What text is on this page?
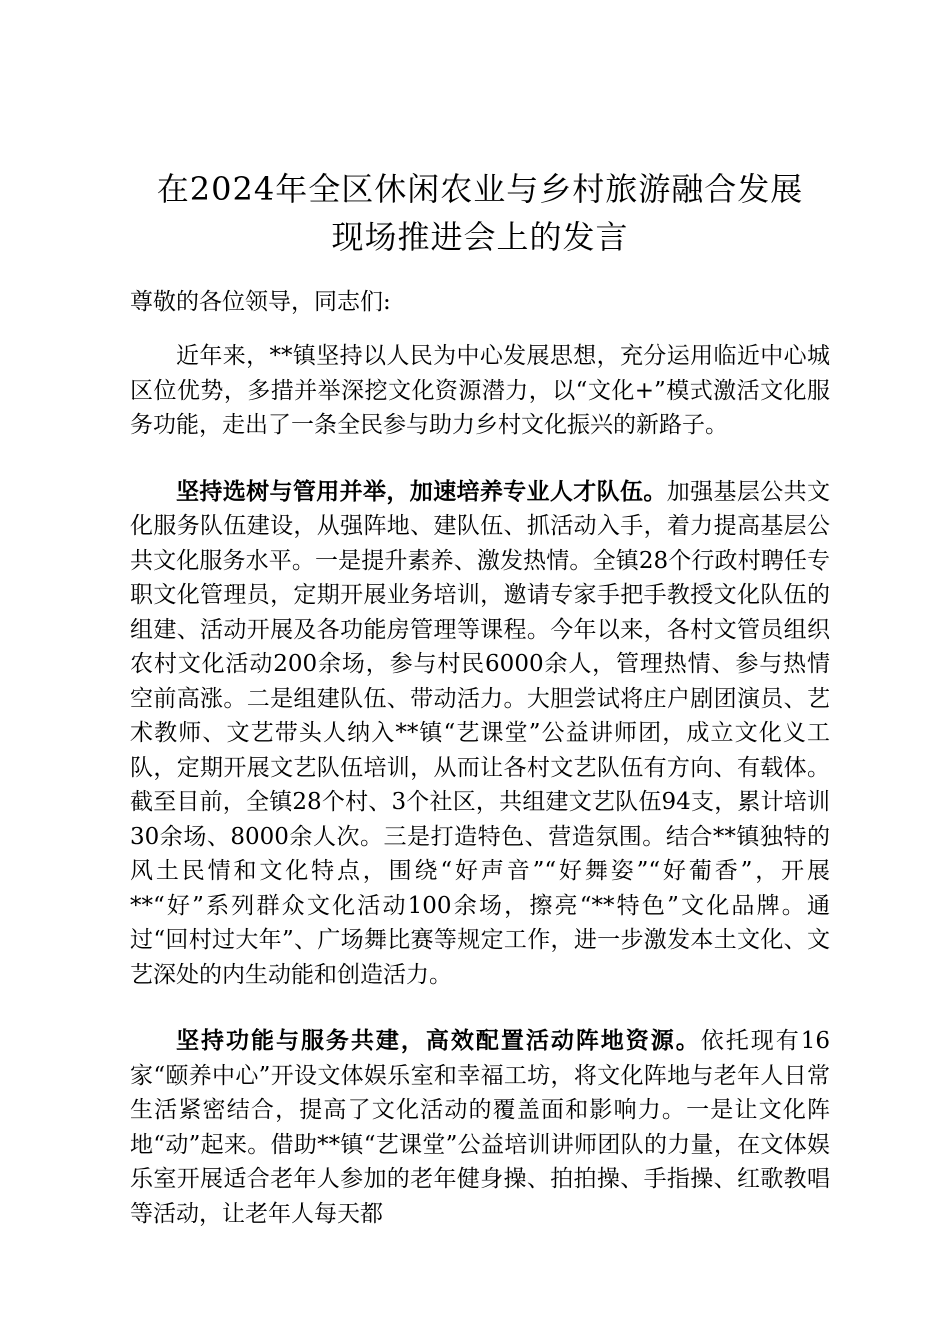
在2024年全区休闲农业与乡村旅游融合发展
现场推进会上的发言

尊敬的各位领导，同志们:

近年来，**镇坚持以人民为中心发展思想，充分运用临近中心城区位优势，多措并举深挖文化资源潜力，以“文化+”模式激活文化服务功能，走出了一条全民参与助力乡村文化振兴的新路子。

坚持选树与管用并举，加速培养专业人才队伍。加强基层公共文化服务队伍建设，从强阵地、建队伍、抓活动入手，着力提高基层公共文化服务水平。一是提升素养、激发热情。全镇28个行政村聘任专职文化管理员，定期开展业务培训，邀请专家手把手教授文化队伍的组建、活动开展及各功能房管理等课程。今年以来，各村文管员组织农村文化活动200余场，参与村民6000余人，管理热情、参与热情空前高涨。二是组建队伍、带动活力。大胆尝试将庄户剧团演员、艺术教师、文艺带头人纳入**镇“艺课堂”公益讲师团，成立文化义工队，定期开展文艺队伍培训，从而让各村文艺队伍有方向、有载体。截至目前，全镇28个村、3个社区，共组建文艺队伍94支，累计培训30余场、8000余人次。三是打造特色、营造氛围。结合**镇独特的风土民情和文化特点，围绕“好声音”“好舞姿”“好葡香”，开展**“好”系列群众文化活动100余场，擦亮“**特色”文化品牌。通过“回村过大年”、广场舞比赛等规定工作，进一步激发本土文化、文艺深处的内生动能和创造活力。

坚持功能与服务共建，高效配置活动阵地资源。依托现有16家“颐养中心”开设文体娱乐室和幸福工坊，将文化阵地与老年人日常生活紧密结合，提高了文化活动的覆盖面和影响力。一是让文化阵地“动”起来。借助**镇“艺课堂”公益培训讲师团队的力量，在文体娱乐室开展适合老年人参加的老年健身操、拍拍操、手指操、红歌教唱等活动，让老年人每天都
